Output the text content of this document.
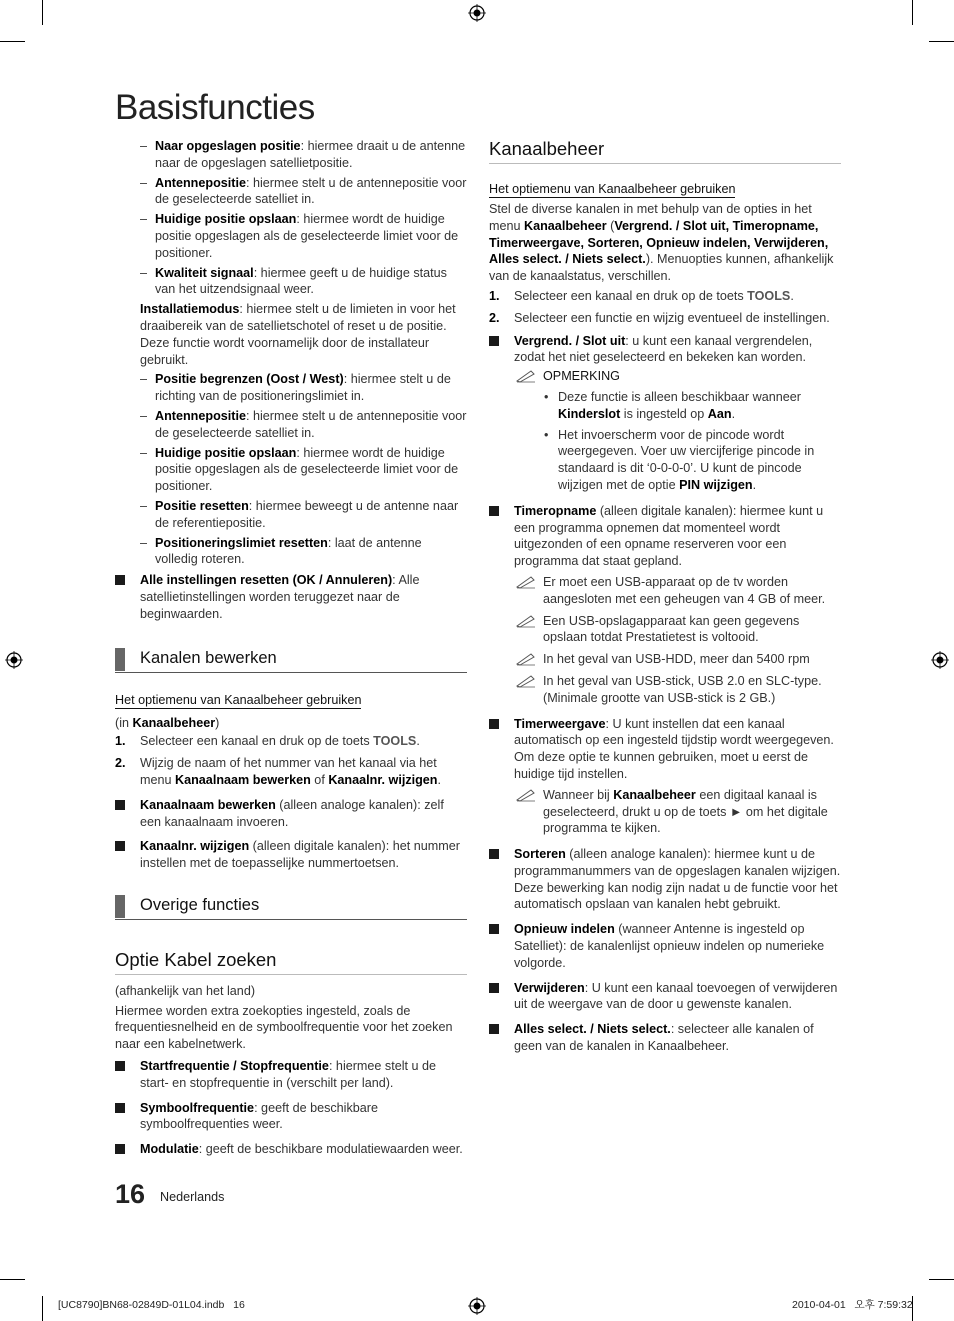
Basisfuncties
– Naar opgeslagen positie: hiermee draait u de antenne naar de opgeslagen satellietpositie.
– Antennepositie: hiermee stelt u de antennepositie voor de geselecteerde satelliet in.
– Huidige positie opslaan: hiermee wordt de huidige positie opgeslagen als de geselecteerde limiet voor de positioner.
– Kwaliteit signaal: hiermee geeft u de huidige status van het uitzendsignaal weer.
Installatiemodus: hiermee stelt u de limieten in voor het draaibereik van de satellietschotel of reset u de positie. Deze functie wordt voornamelijk door de installateur gebruikt.
– Positie begrenzen (Oost / West): hiermee stelt u de richting van de positioneringslimiet in.
– Antennepositie: hiermee stelt u de antennepositie voor de geselecteerde satelliet in.
– Huidige positie opslaan: hiermee wordt de huidige positie opgeslagen als de geselecteerde limiet voor de positioner.
– Positie resetten: hiermee beweegt u de antenne naar de referentiepositie.
– Positioneringslimiet resetten: laat de antenne volledig roteren.
Alle instellingen resetten (OK / Annuleren): Alle satellietinstellingen worden teruggezet naar de beginwaarden.
Kanalen bewerken
Het optiemenu van Kanaalbeheer gebruiken
(in Kanaalbeheer)
1. Selecteer een kanaal en druk op de toets TOOLS.
2. Wijzig de naam of het nummer van het kanaal via het menu Kanaalnaam bewerken of Kanaalnr. wijzigen.
Kanaalnaam bewerken (alleen analoge kanalen): zelf een kanaalnaam invoeren.
Kanaalnr. wijzigen (alleen digitale kanalen): het nummer instellen met de toepasselijke nummertoetsen.
Overige functies
Optie Kabel zoeken
(afhankelijk van het land)
Hiermee worden extra zoekopties ingesteld, zoals de frequentiesnelheid en de symboolfrequentie voor het zoeken naar een kabelnetwerk.
Startfrequentie / Stopfrequentie: hiermee stelt u de start- en stopfrequentie in (verschilt per land).
Symboolfrequentie: geeft de beschikbare symboolfrequenties weer.
Modulatie: geeft de beschikbare modulatiewaarden weer.
Kanaalbeheer
Het optiemenu van Kanaalbeheer gebruiken
Stel de diverse kanalen in met behulp van de opties in het menu Kanaalbeheer (Vergrend. / Slot uit, Timeropname, Timerweergave, Sorteren, Opnieuw indelen, Verwijderen, Alles select. / Niets select.). Menuopties kunnen, afhankelijk van de kanaalstatus, verschillen.
1. Selecteer een kanaal en druk op de toets TOOLS.
2. Selecteer een functie en wijzig eventueel de instellingen.
Vergrend. / Slot uit: u kunt een kanaal vergrendelen, zodat het niet geselecteerd en bekeken kan worden.
OPMERKING
• Deze functie is alleen beschikbaar wanneer Kinderslot is ingesteld op Aan.
• Het invoerscherm voor de pincode wordt weergegeven. Voer uw viercijferige pincode in standaard is dit ‘0-0-0-0’. U kunt de pincode wijzigen met de optie PIN wijzigen.
Timeropname (alleen digitale kanalen): hiermee kunt u een programma opnemen dat momenteel wordt uitgezonden of een opname reserveren voor een programma dat staat gepland.
Er moet een USB-apparaat op de tv worden aangesloten met een geheugen van 4 GB of meer.
Een USB-opslagapparaat kan geen gegevens opslaan totdat Prestatietest is voltooid.
In het geval van USB-HDD, meer dan 5400 rpm
In het geval van USB-stick, USB 2.0 en SLC-type. (Minimale grootte van USB-stick is 2 GB.)
Timerweergave: U kunt instellen dat een kanaal automatisch op een ingesteld tijdstip wordt weergegeven. Om deze optie te kunnen gebruiken, moet u eerst de huidige tijd instellen.
Wanneer bij Kanaalbeheer een digitaal kanaal is geselecteerd, drukt u op de toets ► om het digitale programma te kijken.
Sorteren (alleen analoge kanalen): hiermee kunt u de programmanummers van de opgeslagen kanalen wijzigen. Deze bewerking kan nodig zijn nadat u de functie voor het automatisch opslaan van kanalen hebt gebruikt.
Opnieuw indelen (wanneer Antenne is ingesteld op Satelliet): de kanalenlijst opnieuw indelen op numerieke volgorde.
Verwijderen: U kunt een kanaal toevoegen of verwijderen uit de weergave van de door u gewenste kanalen.
Alles select. / Niets select.: selecteer alle kanalen of geen van de kanalen in Kanaalbeheer.
16 Nederlands
[UC8790]BN68-02849D-01L04.indb   16	2010-04-01   오후 7:59:32
